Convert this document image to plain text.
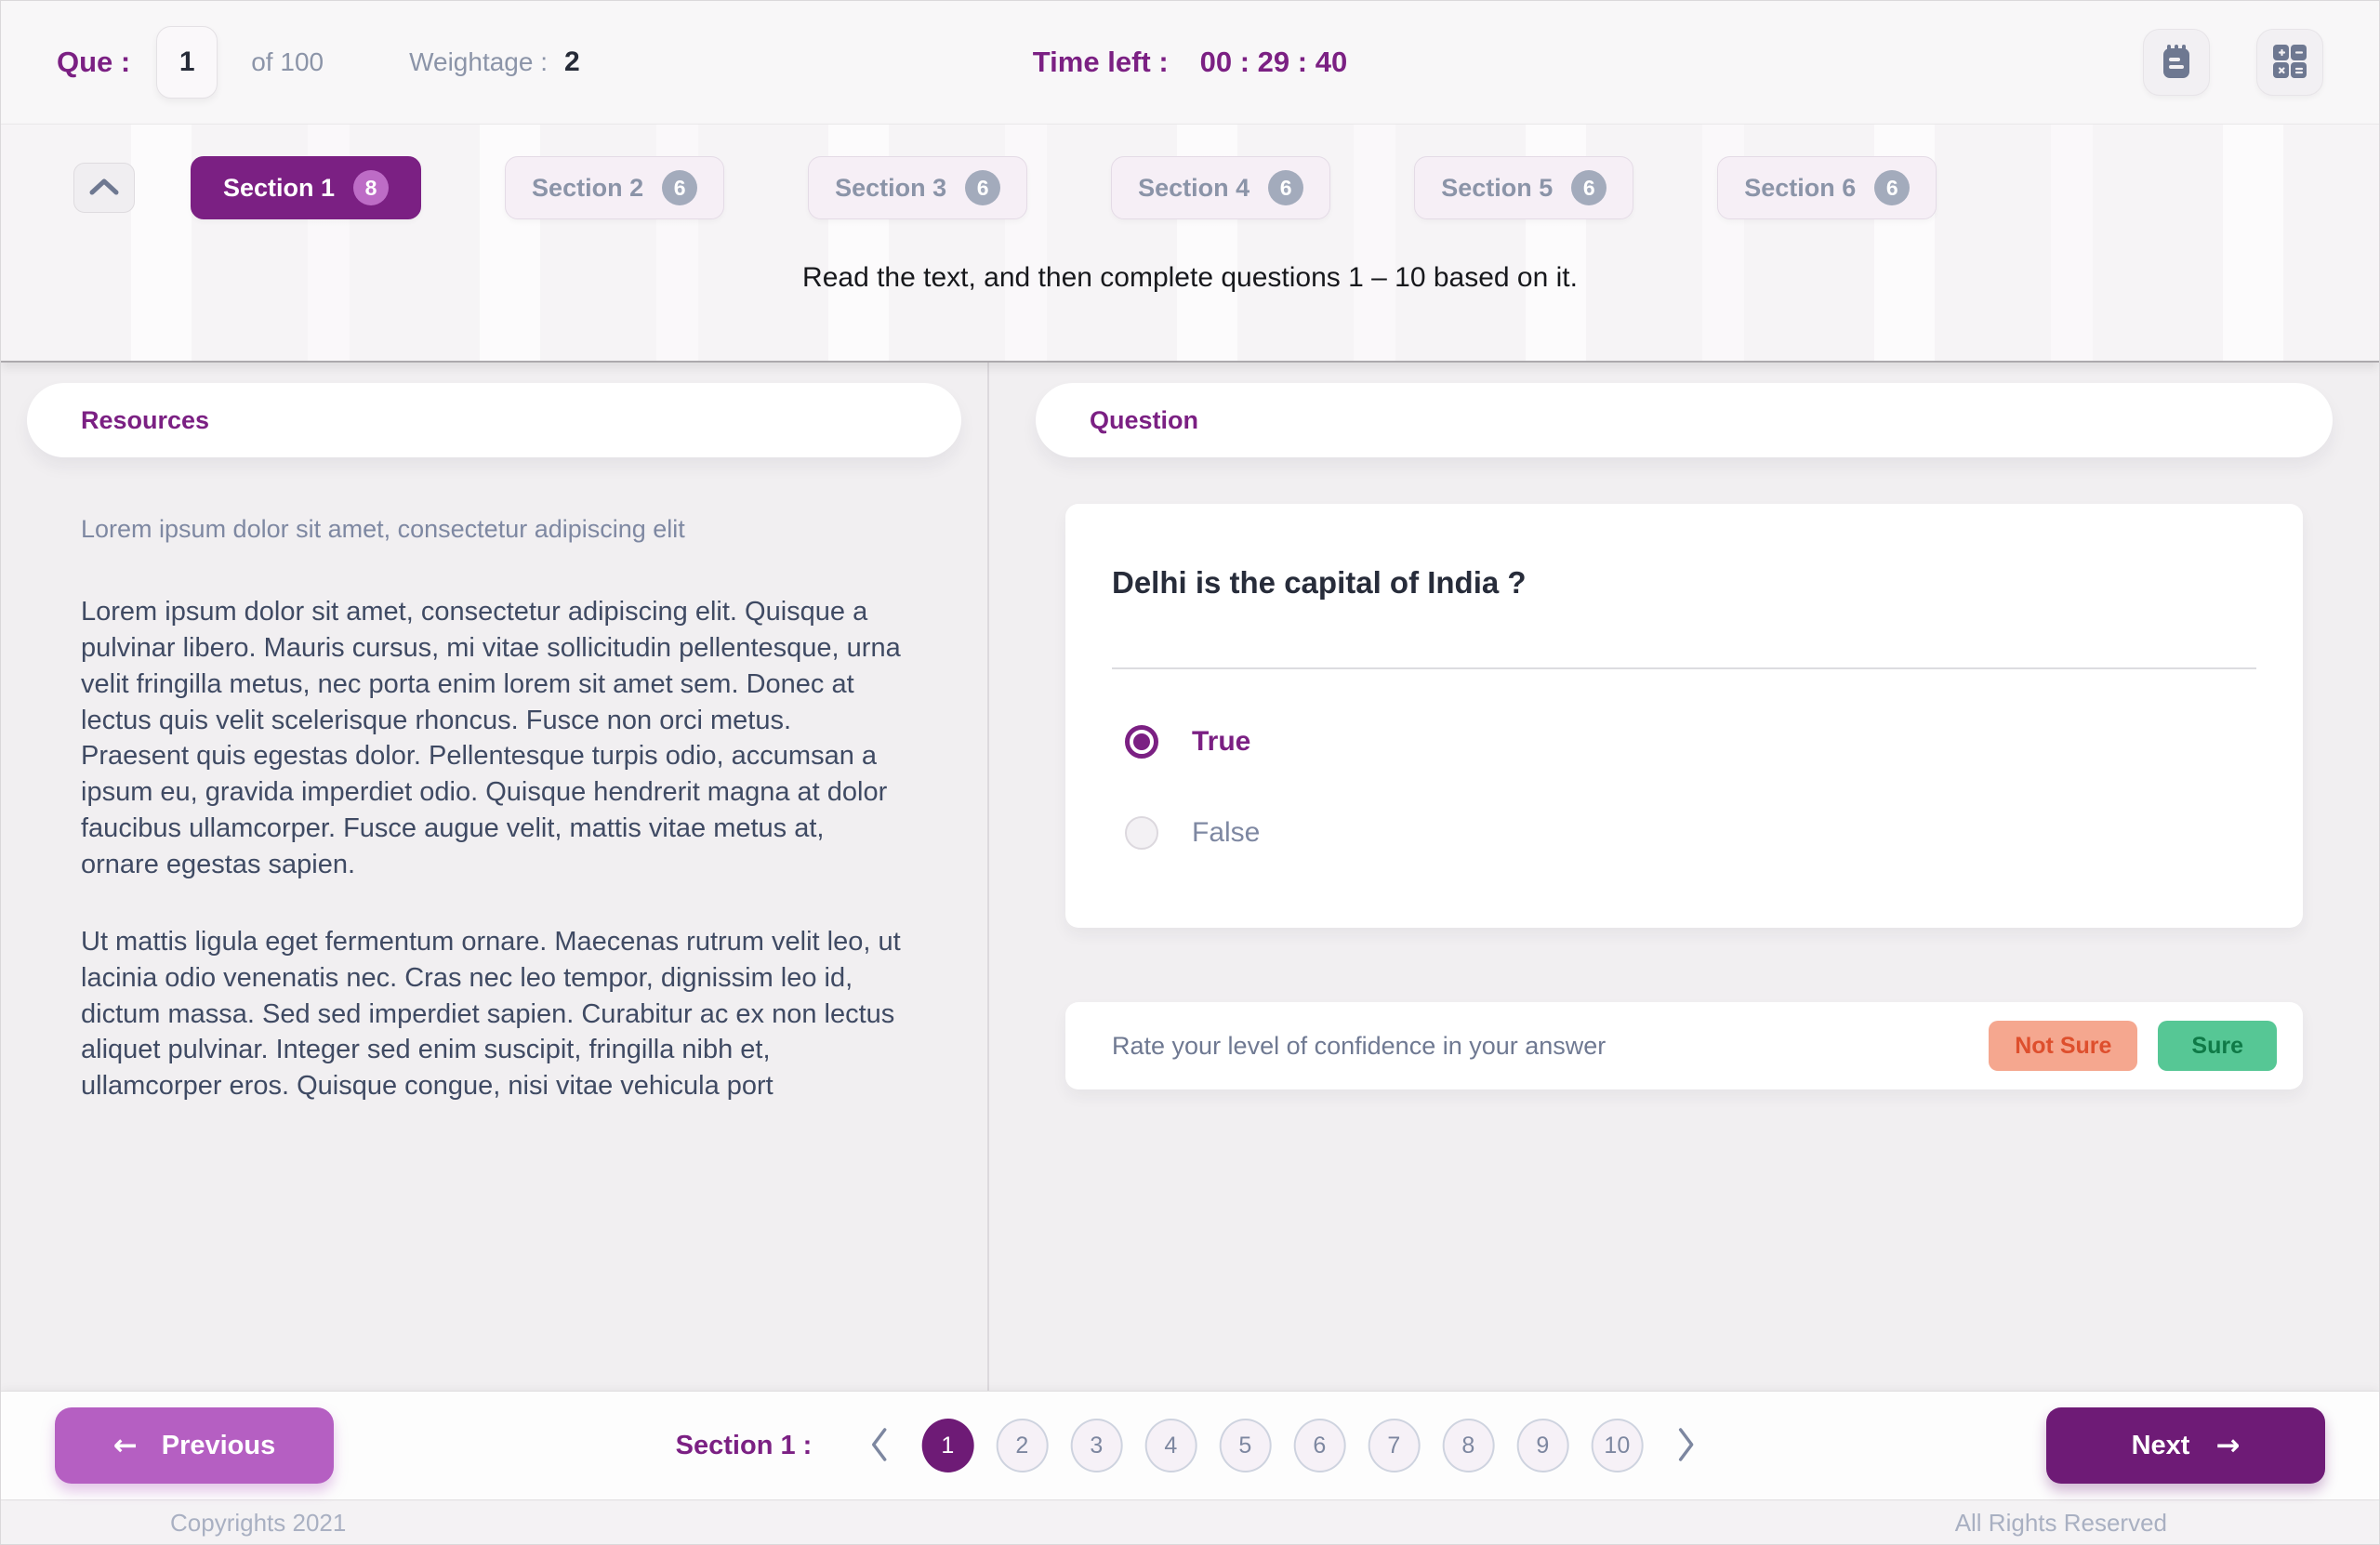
Que :	1	of 100	Weightage : 2	Time left : 00 : 29 : 40
Section 1	8	Section 2	6	Section 3	6	Section 4	6	Section 5	6	Section 6	6
Read the text, and then complete questions 1 – 10 based on it.
Resources
Lorem ipsum dolor sit amet, consectetur adipiscing elit

Lorem ipsum dolor sit amet, consectetur adipiscing elit. Quisque a pulvinar libero. Mauris cursus, mi vitae sollicitudin pellentesque, urna velit fringilla metus, nec porta enim lorem sit amet sem. Donec at lectus quis velit scelerisque rhoncus. Fusce non orci metus. Praesent quis egestas dolor. Pellentesque turpis odio, accumsan a ipsum eu, gravida imperdiet odio. Quisque hendrerit magna at dolor faucibus ullamcorper. Fusce augue velit, mattis vitae metus at, ornare egestas sapien.

Ut mattis ligula eget fermentum ornare. Maecenas rutrum velit leo, ut lacinia odio venenatis nec. Cras nec leo tempor, dignissim leo id, dictum massa. Sed sed imperdiet sapien. Curabitur ac ex non lectus aliquet pulvinar. Integer sed enim suscipit, fringilla nibh et, ullamcorper eros. Quisque congue, nisi vitae vehicula port

Question
Delhi is the capital of India ?
True
False
Rate your level of confidence in your answer	Not Sure	Sure
← Previous	Section 1 :	1	2	3	4	5	6	7	8	9	10	Next →
Copyrights 2021	All Rights Reserved
